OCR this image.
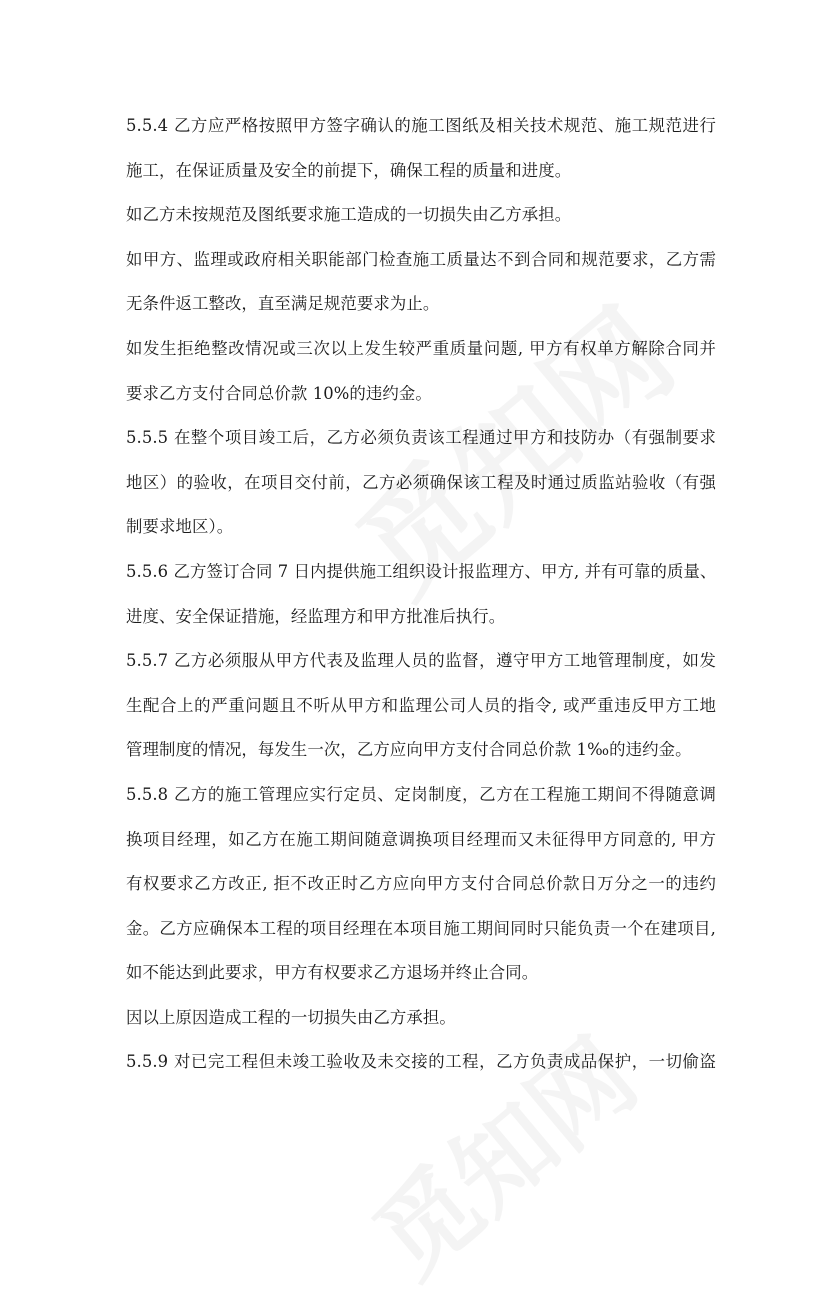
5.5.4 乙方应严格按照甲方签字确认的施工图纸及相关技术规范、施工规范进行
施工，在保证质量及安全的前提下，确保工程的质量和进度。
如乙方未按规范及图纸要求施工造成的一切损失由乙方承担。
如甲方、监理或政府相关职能部门检查施工质量达不到合同和规范要求，乙方需
无条件返工整改，直至满足规范要求为止。
如发生拒绝整改情况或三次以上发生较严重质量问题, 甲方有权单方解除合同并
要求乙方支付合同总价款 10%的违约金。
5.5.5 在整个项目竣工后，乙方必须负责该工程通过甲方和技防办（有强制要求
地区）的验收，在项目交付前，乙方必须确保该工程及时通过质监站验收（有强
制要求地区）。
5.5.6 乙方签订合同 7 日内提供施工组织设计报监理方、甲方, 并有可靠的质量、
进度、安全保证措施，经监理方和甲方批准后执行。
5.5.7 乙方必须服从甲方代表及监理人员的监督，遵守甲方工地管理制度，如发
生配合上的严重问题且不听从甲方和监理公司人员的指令, 或严重违反甲方工地
管理制度的情况，每发生一次，乙方应向甲方支付合同总价款 1‰的违约金。
5.5.8 乙方的施工管理应实行定员、定岗制度，乙方在工程施工期间不得随意调
换项目经理，如乙方在施工期间随意调换项目经理而又未征得甲方同意的, 甲方
有权要求乙方改正, 拒不改正时乙方应向甲方支付合同总价款日万分之一的违约
金。乙方应确保本工程的项目经理在本项目施工期间同时只能负责一个在建项目,
如不能达到此要求，甲方有权要求乙方退场并终止合同。
因以上原因造成工程的一切损失由乙方承担。
5.5.9 对已完工程但未竣工验收及未交接的工程，乙方负责成品保护，一切偷盗
